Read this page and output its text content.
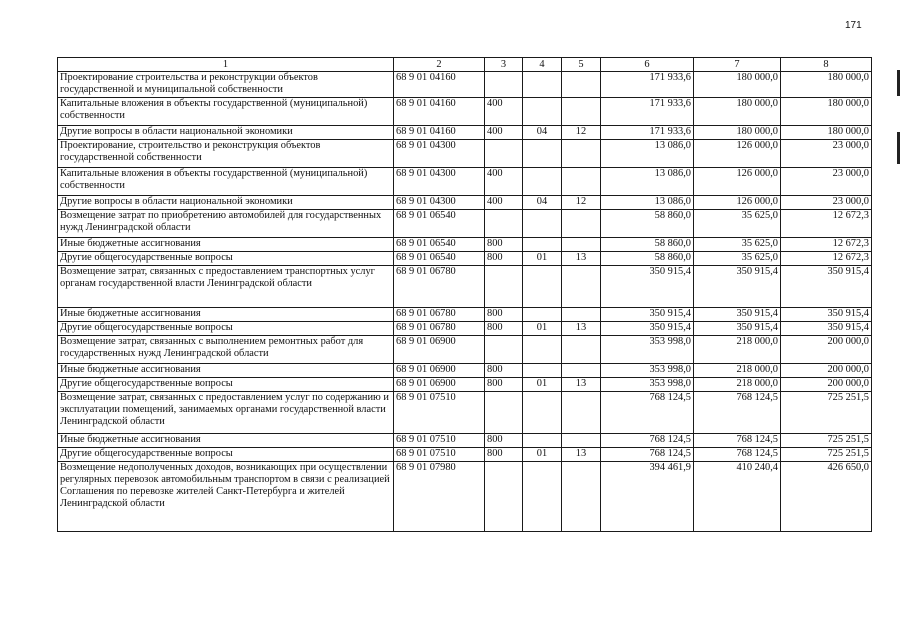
171
1	2	3	4	5	6	7	8
Проектирование строительства и реконструкции объектов государственной и муниципальной собственности	68 9 01 04160				171 933,6	180 000,0	180 000,0
Капитальные вложения в объекты государственной (муниципальной) собственности	68 9 01 04160	400			171 933,6	180 000,0	180 000,0
Другие вопросы в области национальной экономики	68 9 01 04160	400	04	12	171 933,6	180 000,0	180 000,0
Проектирование, строительство и реконструкция объектов государственной собственности	68 9 01 04300				13 086,0	126 000,0	23 000,0
Капитальные вложения в объекты государственной (муниципальной) собственности	68 9 01 04300	400			13 086,0	126 000,0	23 000,0
Другие вопросы в области национальной экономики	68 9 01 04300	400	04	12	13 086,0	126 000,0	23 000,0
Возмещение затрат по приобретению автомобилей для государственных нужд Ленинградской области	68 9 01 06540				58 860,0	35 625,0	12 672,3
Иные бюджетные ассигнования	68 9 01 06540	800			58 860,0	35 625,0	12 672,3
Другие общегосударственные вопросы	68 9 01 06540	800	01	13	58 860,0	35 625,0	12 672,3
Возмещение затрат, связанных с предоставлением транспортных услуг органам государственной власти Ленинградской области	68 9 01 06780				350 915,4	350 915,4	350 915,4
Иные бюджетные ассигнования	68 9 01 06780	800			350 915,4	350 915,4	350 915,4
Другие общегосударственные вопросы	68 9 01 06780	800	01	13	350 915,4	350 915,4	350 915,4
Возмещение затрат, связанных с выполнением ремонтных работ для государственных нужд Ленинградской области	68 9 01 06900				353 998,0	218 000,0	200 000,0
Иные бюджетные ассигнования	68 9 01 06900	800			353 998,0	218 000,0	200 000,0
Другие общегосударственные вопросы	68 9 01 06900	800	01	13	353 998,0	218 000,0	200 000,0
Возмещение затрат, связанных с предоставлением услуг по содержанию и эксплуатации помещений, занимаемых органами государственной власти Ленинградской области	68 9 01 07510				768 124,5	768 124,5	725 251,5
Иные бюджетные ассигнования	68 9 01 07510	800			768 124,5	768 124,5	725 251,5
Другие общегосударственные вопросы	68 9 01 07510	800	01	13	768 124,5	768 124,5	725 251,5
Возмещение недополученных доходов, возникающих при осуществлении регулярных перевозок автомобильным транспортом в связи с реализацией Соглашения по перевозке жителей Санкт-Петербурга и жителей Ленинградской области	68 9 01 07980				394 461,9	410 240,4	426 650,0
